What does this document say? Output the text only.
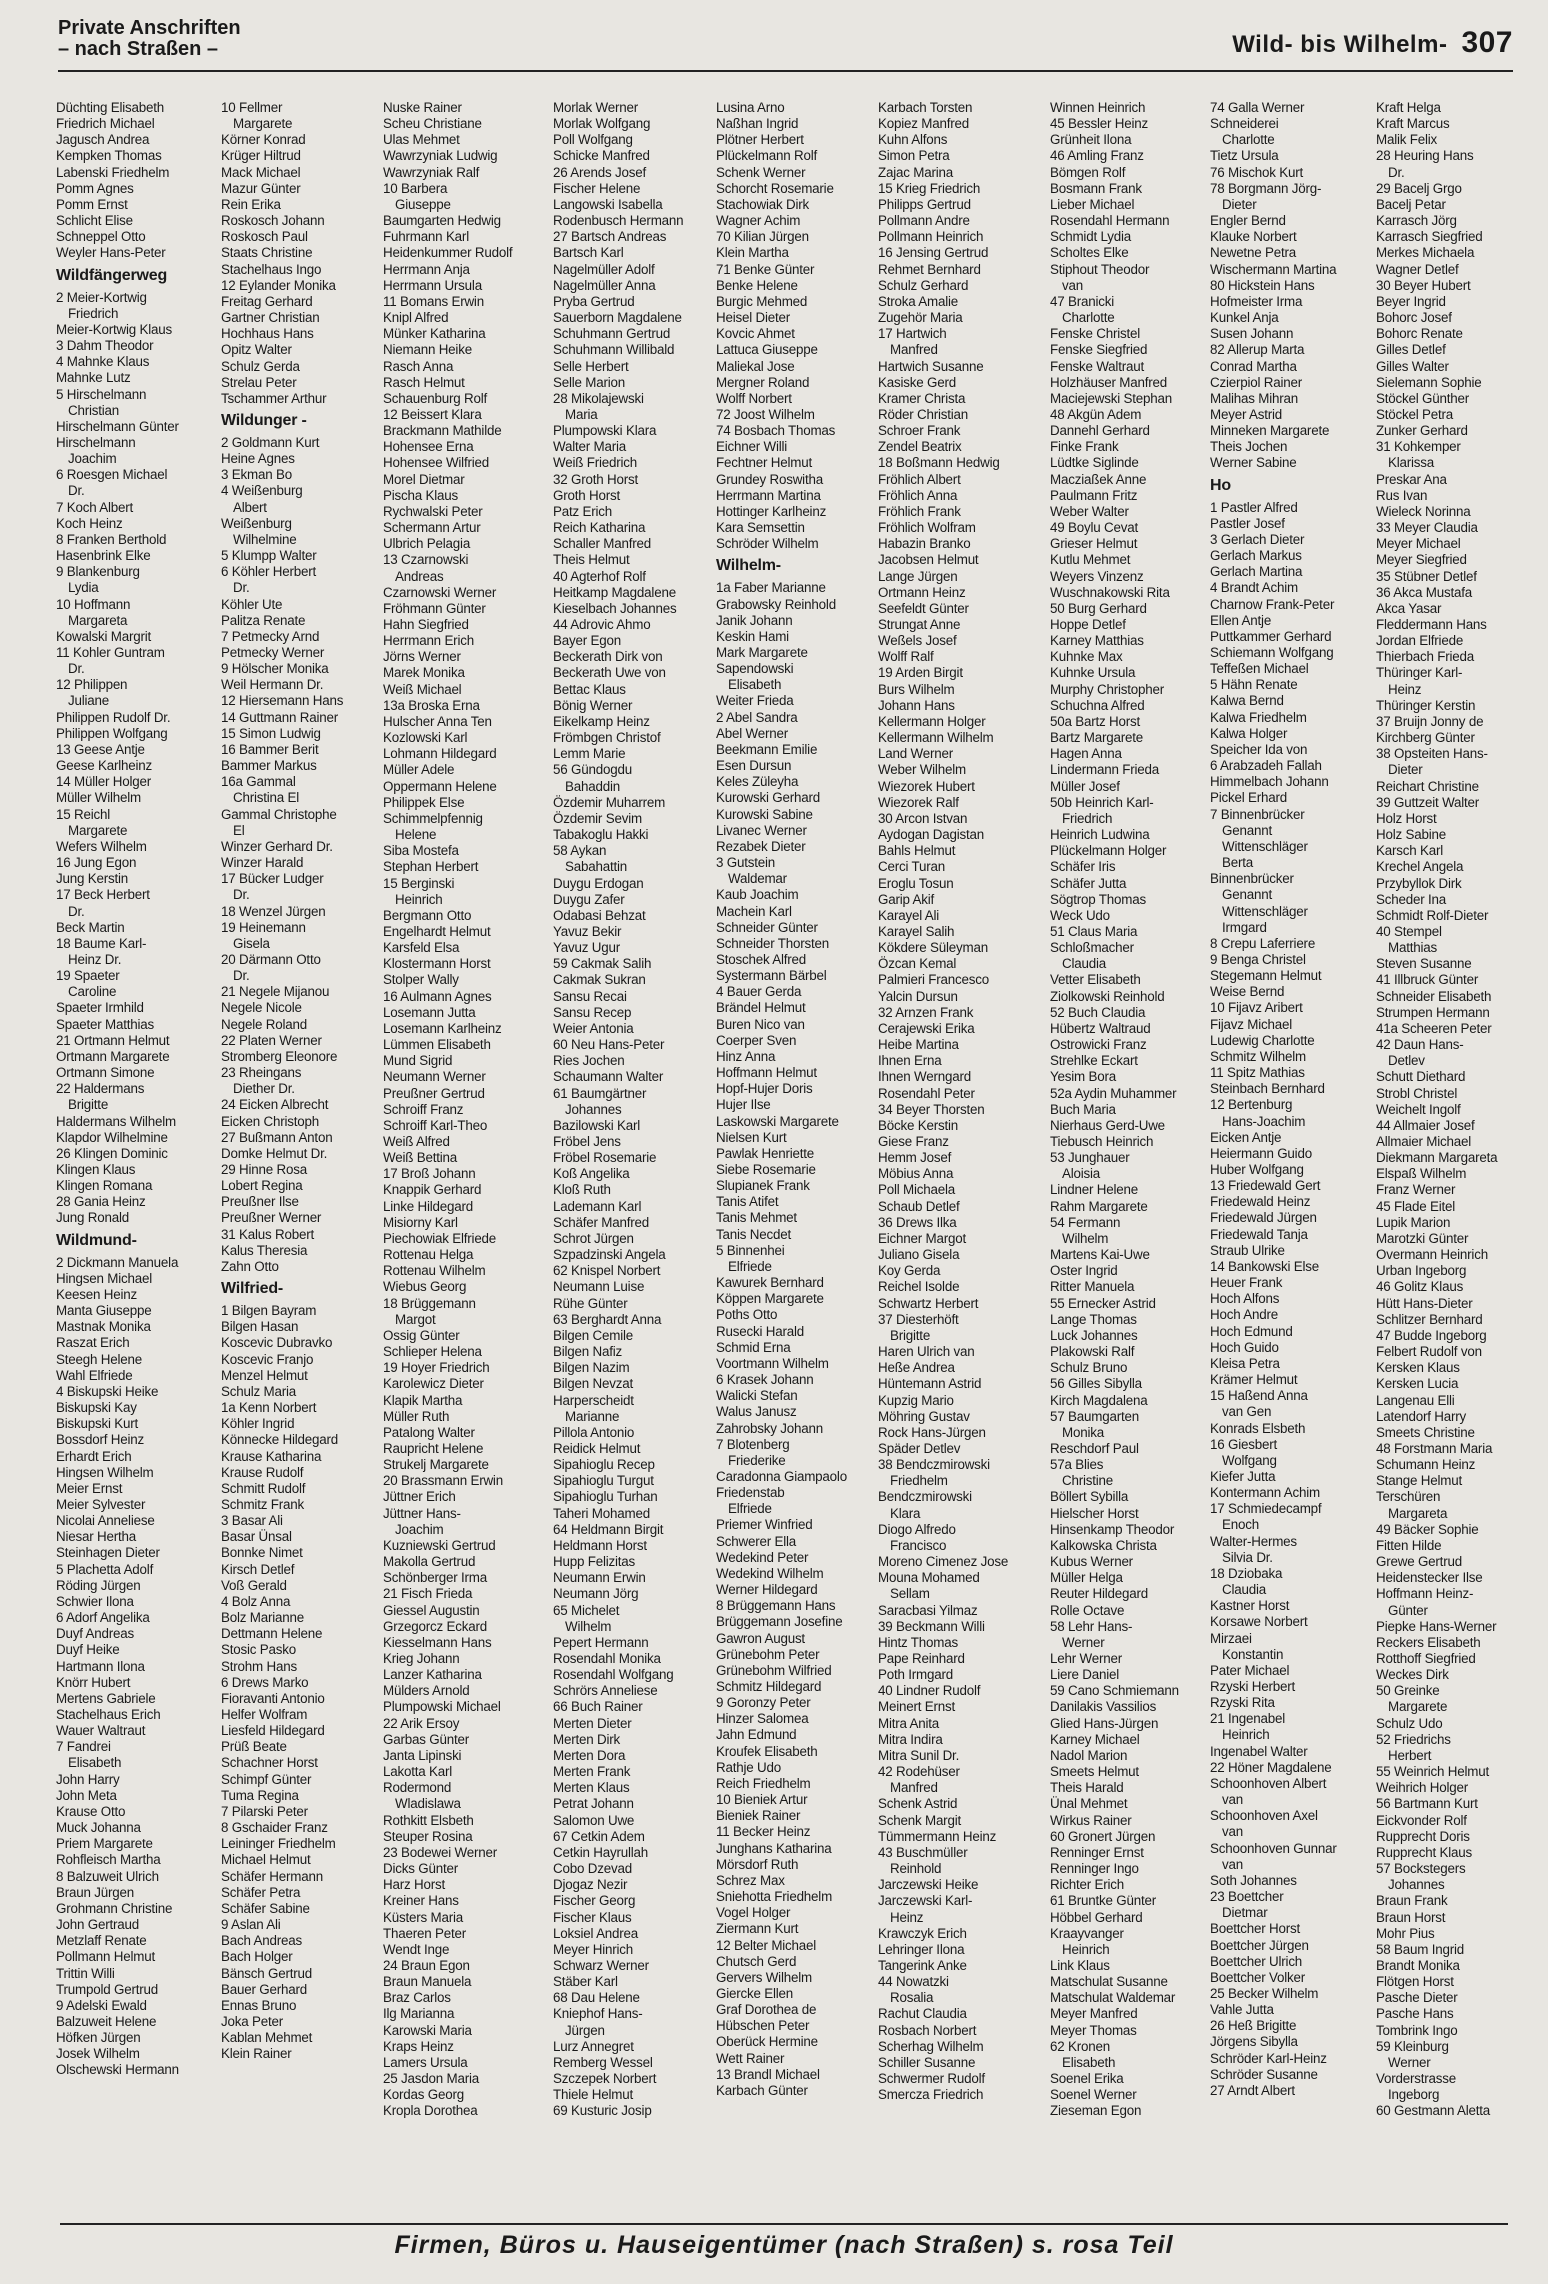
Private Anschriften
– nach Straßen –	Wild- bis Wilhelm- 307
Düchting Elisabeth
Friedrich Michael
Jagusch Andrea
Kempken Thomas
Labenski Friedhelm
Pomm Agnes
Pomm Ernst
Schlicht Elise
Schneppel Otto
Weyler Hans-Peter
Wildfängerweg
2 Meier-Kortwig
Friedrich
Meier-Kortwig Klaus
3 Dahm Theodor
4 Mahnke Klaus
Mahnke Lutz
5 Hirschelmann
Christian
Hirschelmann Günter
Hirschelmann
Joachim
6 Roesgen Michael
Dr.
7 Koch Albert
Koch Heinz
8 Franken Berthold
Hasenbrink Elke
9 Blankenburg
Lydia
10 Hoffmann
Margareta
Kowalski Margrit
11 Kohler Guntram
Dr.
12 Philippen
Juliane
Philippen Rudolf Dr.
Philippen Wolfgang
13 Geese Antje
Geese Karlheinz
14 Müller Holger
Müller Wilhelm
15 Reichl
Margarete
Wefers Wilhelm
16 Jung Egon
Jung Kerstin
17 Beck Herbert
Dr.
Beck Martin
18 Baume Karl-
Heinz Dr.
19 Spaeter
Caroline
Spaeter Irmhild
Spaeter Matthias
21 Ortmann Helmut
Ortmann Margarete
Ortmann Simone
22 Haldermans
Brigitte
Haldermans Wilhelm
Klapdor Wilhelmine
26 Klingen Dominic
Klingen Klaus
Klingen Romana
28 Gania Heinz
Jung Ronald
Wildmund-
2 Dickmann Manuela
Hingsen Michael
Keesen Heinz
Manta Giuseppe
Mastnak Monika
Raszat Erich
Steegh Helene
Wahl Elfriede
4 Biskupski Heike
Biskupski Kay
Biskupski Kurt
Bossdorf Heinz
Erhardt Erich
Hingsen Wilhelm
Meier Ernst
Meier Sylvester
Nicolai Anneliese
Niesar Hertha
Steinhagen Dieter
5 Plachetta Adolf
Röding Jürgen
Schwier Ilona
6 Adorf Angelika
Duyf Andreas
Duyf Heike
Hartmann Ilona
Knörr Hubert
Mertens Gabriele
Stachelhaus Erich
Wauer Waltraut
7 Fandrei
Elisabeth
John Harry
John Meta
Krause Otto
Muck Johanna
Priem Margarete
Rohfleisch Martha
8 Balzuweit Ulrich
Braun Jürgen
Grohmann Christine
John Gertraud
Metzlaff Renate
Pollmann Helmut
Trittin Willi
Trumpold Gertrud
9 Adelski Ewald
Balzuweit Helene
Höfken Jürgen
Josek Wilhelm
Olschewski Hermann
10 Fellmer
Margarete
Körner Konrad
Krüger Hiltrud
Mack Michael
Mazur Günter
Rein Erika
Roskosch Johann
Roskosch Paul
Staats Christine
Stachelhaus Ingo
12 Eylander Monika
Freitag Gerhard
Gartner Christian
Hochhaus Hans
Opitz Walter
Schulz Gerda
Strelau Peter
Tschammer Arthur
Wildunger -
2 Goldmann Kurt
Heine Agnes
3 Ekman Bo
4 Weißenburg
Albert
Weißenburg
Wilhelmine
5 Klumpp Walter
6 Köhler Herbert
Dr.
Köhler Ute
Palitza Renate
7 Petmecky Arnd
Petmecky Werner
9 Hölscher Monika
Weil Hermann Dr.
12 Hiersemann Hans
14 Guttmann Rainer
15 Simon Ludwig
16 Bammer Berit
Bammer Markus
16a Gammal
Christina El
Gammal Christophe
El
Winzer Gerhard Dr.
Winzer Harald
17 Bücker Ludger
Dr.
18 Wenzel Jürgen
19 Heinemann
Gisela
20 Därmann Otto
Dr.
21 Negele Mijanou
Negele Nicole
Negele Roland
22 Platen Werner
Stromberg Eleonore
23 Rheingans
Diether Dr.
24 Eicken Albrecht
Eicken Christoph
27 Bußmann Anton
Domke Helmut Dr.
29 Hinne Rosa
Lobert Regina
Preußner Ilse
Preußner Werner
31 Kalus Robert
Kalus Theresia
Zahn Otto
Wilfried-
1 Bilgen Bayram
Bilgen Hasan
Koscevic Dubravko
Koscevic Franjo
Menzel Helmut
Schulz Maria
1a Kenn Norbert
Köhler Ingrid
Könnecke Hildegard
Krause Katharina
Krause Rudolf
Schmitt Rudolf
Schmitz Frank
3 Basar Ali
Basar Ünsal
Bonnke Nimet
Kirsch Detlef
Voß Gerald
4 Bolz Anna
Bolz Marianne
Dettmann Helene
Stosic Pasko
Strohm Hans
6 Drews Marko
Fioravanti Antonio
Helfer Wolfram
Liesfeld Hildegard
Prüß Beate
Schachner Horst
Schimpf Günter
Tuma Regina
7 Pilarski Peter
8 Gschaider Franz
Leininger Friedhelm
Michael Helmut
Schäfer Hermann
Schäfer Petra
Schäfer Sabine
9 Aslan Ali
Bach Andreas
Bach Holger
Bänsch Gertrud
Bauer Gerhard
Ennas Bruno
Joka Peter
Kablan Mehmet
Klein Rainer
Nuske Rainer
Scheu Christiane
Ulas Mehmet
Wawrzyniak Ludwig
Wawrzyniak Ralf
10 Barbera
Giuseppe
Baumgarten Hedwig
Fuhrmann Karl
Heidenkummer Rudolf
Herrmann Anja
Herrmann Ursula
11 Bomans Erwin
Knipl Alfred
Münker Katharina
Niemann Heike
Rasch Anna
Rasch Helmut
Schauenburg Rolf
12 Beissert Klara
Brackmann Mathilde
Hohensee Erna
Hohensee Wilfried
Morel Dietmar
Pischa Klaus
Rychwalski Peter
Schermann Artur
Ulbrich Pelagia
13 Czarnowski
Andreas
Czarnowski Werner
Fröhmann Günter
Hahn Siegfried
Herrmann Erich
Jörns Werner
Marek Monika
Weiß Michael
13a Broska Erna
Hulscher Anna Ten
Kozlowski Karl
Lohmann Hildegard
Müller Adele
Oppermann Helene
Philippek Else
Schimmelpfennig
Helene
Siba Mostefa
Stephan Herbert
15 Berginski
Heinrich
Bergmann Otto
Engelhardt Helmut
Karsfeld Elsa
Klostermann Horst
Stolper Wally
16 Aulmann Agnes
Losemann Jutta
Losemann Karlheinz
Lümmen Elisabeth
Mund Sigrid
Neumann Werner
Preußner Gertrud
Schroiff Franz
Schroiff Karl-Theo
Weiß Alfred
Weiß Bettina
17 Broß Johann
Knappik Gerhard
Linke Hildegard
Misiorny Karl
Piechowiak Elfriede
Rottenau Helga
Rottenau Wilhelm
Wiebus Georg
18 Brüggemann
Margot
Ossig Günter
Schlieper Helena
19 Hoyer Friedrich
Karolewicz Dieter
Klapik Martha
Müller Ruth
Patalong Walter
Raupricht Helene
Strukelj Margarete
20 Brassmann Erwin
Jüttner Erich
Jüttner Hans-
Joachim
Kuzniewski Gertrud
Makolla Gertrud
Schönberger Irma
21 Fisch Frieda
Giessel Augustin
Grzegorcz Eckard
Kiesselmann Hans
Krieg Johann
Lanzer Katharina
Mülders Arnold
Plumpowski Michael
22 Arik Ersoy
Garbas Günter
Janta Lipinski
Lakotta Karl
Rodermond
Wladislawa
Rothkitt Elsbeth
Steuper Rosina
23 Bodewei Werner
Dicks Günter
Harz Horst
Kreiner Hans
Küsters Maria
Thaeren Peter
Wendt Inge
24 Braun Egon
Braun Manuela
Braz Carlos
Ilg Marianna
Karowski Maria
Kraps Heinz
Lamers Ursula
25 Jasdon Maria
Kordas Georg
Kropla Dorothea
Morlak Werner
Morlak Wolfgang
Poll Wolfgang
Schicke Manfred
26 Arends Josef
Fischer Helene
Langowski Isabella
Rodenbusch Hermann
27 Bartsch Andreas
Bartsch Karl
Nagelmüller Adolf
Nagelmüller Anna
Pryba Gertrud
Sauerborn Magdalene
Schuhmann Gertrud
Schuhmann Willibald
Selle Herbert
Selle Marion
28 Mikolajewski
Maria
Plumpowski Klara
Walter Maria
Weiß Friedrich
32 Groth Horst
Groth Horst
Patz Erich
Reich Katharina
Schaller Manfred
Theis Helmut
40 Agterhof Rolf
Heitkamp Magdalene
Kieselbach Johannes
44 Adrovic Ahmo
Bayer Egon
Beckerath Dirk von
Beckerath Uwe von
Bettac Klaus
Bönig Werner
Eikelkamp Heinz
Frömbgen Christof
Lemm Marie
56 Gündogdu
Bahaddin
Özdemir Muharrem
Özdemir Sevim
Tabakoglu Hakki
58 Aykan
Sabahattin
Duygu Erdogan
Duygu Zafer
Odabasi Behzat
Yavuz Bekir
Yavuz Ugur
59 Cakmak Salih
Cakmak Sukran
Sansu Recai
Sansu Recep
Weier Antonia
60 Neu Hans-Peter
Ries Jochen
Schaumann Walter
61 Baumgärtner
Johannes
Bazilowski Karl
Fröbel Jens
Fröbel Rosemarie
Koß Angelika
Kloß Ruth
Lademann Karl
Schäfer Manfred
Schrot Jürgen
Szpadzinski Angela
62 Knispel Norbert
Neumann Luise
Rühe Günter
63 Berghardt Anna
Bilgen Cemile
Bilgen Nafiz
Bilgen Nazim
Bilgen Nevzat
Harperscheidt
Marianne
Pillola Antonio
Reidick Helmut
Sipahioglu Recep
Sipahioglu Turgut
Sipahioglu Turhan
Taheri Mohamed
64 Heldmann Birgit
Heldmann Horst
Hupp Felizitas
Neumann Erwin
Neumann Jörg
65 Michelet
Wilhelm
Pepert Hermann
Rosendahl Monika
Rosendahl Wolfgang
Schrörs Anneliese
66 Buch Rainer
Merten Dieter
Merten Dirk
Merten Dora
Merten Frank
Merten Klaus
Petrat Johann
Salomon Uwe
67 Cetkin Adem
Cetkin Hayrullah
Cobo Dzevad
Djogaz Nezir
Fischer Georg
Fischer Klaus
Loksiel Andrea
Meyer Hinrich
Schwarz Werner
Stäber Karl
68 Dau Helene
Kniephof Hans-
Jürgen
Lurz Annegret
Remberg Wessel
Szczepek Norbert
Thiele Helmut
69 Kusturic Josip
Lusina Arno
Naßhan Ingrid
Plötner Herbert
Plückelmann Rolf
Schenk Werner
Schorcht Rosemarie
Stachowiak Dirk
Wagner Achim
70 Kilian Jürgen
Klein Martha
71 Benke Günter
Benke Helene
Burgic Mehmed
Heisel Dieter
Kovcic Ahmet
Lattuca Giuseppe
Maliekal Jose
Mergner Roland
Wolff Norbert
72 Joost Wilhelm
74 Bosbach Thomas
Eichner Willi
Fechtner Helmut
Grundey Roswitha
Herrmann Martina
Hottinger Karlheinz
Kara Semsettin
Schröder Wilhelm
Wilhelm-
1a Faber Marianne
Grabowsky Reinhold
Janik Johann
Keskin Hami
Mark Margarete
Sapendowski
Elisabeth
Weiter Frieda
2 Abel Sandra
Abel Werner
Beekmann Emilie
Esen Dursun
Keles Züleyha
Kurowski Gerhard
Kurowski Sabine
Livanec Werner
Rezabek Dieter
3 Gutstein
Waldemar
Kaub Joachim
Machein Karl
Schneider Günter
Schneider Thorsten
Stoschek Alfred
Systermann Bärbel
4 Bauer Gerda
Brändel Helmut
Buren Nico van
Coerper Sven
Hinz Anna
Hoffmann Helmut
Hopf-Hujer Doris
Hujer Ilse
Laskowski Margarete
Nielsen Kurt
Pawlak Henriette
Siebe Rosemarie
Slupianek Frank
Tanis Atifet
Tanis Mehmet
Tanis Necdet
5 Binnenhei
Elfriede
Kawurek Bernhard
Köppen Margarete
Poths Otto
Rusecki Harald
Schmid Erna
Voortmann Wilhelm
6 Krasek Johann
Walicki Stefan
Walus Janusz
Zahrobsky Johann
7 Blotenberg
Friederike
Caradonna Giampaolo
Friedenstab
Elfriede
Priemer Winfried
Schwerer Ella
Wedekind Peter
Wedekind Wilhelm
Werner Hildegard
8 Brüggemann Hans
Brüggemann Josefine
Gawron August
Grünebohm Peter
Grünebohm Wilfried
Schmitz Hildegard
9 Goronzy Peter
Hinzer Salomea
Jahn Edmund
Kroufek Elisabeth
Rathje Udo
Reich Friedhelm
10 Bieniek Artur
Bieniek Rainer
11 Becker Heinz
Junghans Katharina
Mörsdorf Ruth
Schrez Max
Sniehotta Friedhelm
Vogel Holger
Ziermann Kurt
12 Belter Michael
Chutsch Gerd
Gervers Wilhelm
Giercke Ellen
Graf Dorothea de
Hübschen Peter
Oberück Hermine
Wett Rainer
13 Brandl Michael
Karbach Günter
Karbach Torsten
Kopiez Manfred
Kuhn Alfons
Simon Petra
Zajac Marina
15 Krieg Friedrich
Philipps Gertrud
Pollmann Andre
Pollmann Heinrich
16 Jensing Gertrud
Rehmet Bernhard
Schulz Gerhard
Stroka Amalie
Zugehör Maria
17 Hartwich
Manfred
Hartwich Susanne
Kasiske Gerd
Kramer Christa
Röder Christian
Schroer Frank
Zendel Beatrix
18 Boßmann Hedwig
Fröhlich Albert
Fröhlich Anna
Fröhlich Frank
Fröhlich Wolfram
Habazin Branko
Jacobsen Helmut
Lange Jürgen
Ortmann Heinz
Seefeldt Günter
Strungat Anne
Weßels Josef
Wolff Ralf
19 Arden Birgit
Burs Wilhelm
Johann Hans
Kellermann Holger
Kellermann Wilhelm
Land Werner
Weber Wilhelm
Wiezorek Hubert
Wiezorek Ralf
30 Arcon Istvan
Aydogan Dagistan
Bahls Helmut
Cerci Turan
Eroglu Tosun
Garip Akif
Karayel Ali
Karayel Salih
Kökdere Süleyman
Özcan Kemal
Palmieri Francesco
Yalcin Dursun
32 Arnzen Frank
Cerajewski Erika
Heibe Martina
Ihnen Erna
Ihnen Werngard
Rosendahl Peter
34 Beyer Thorsten
Böcke Kerstin
Giese Franz
Hemm Josef
Möbius Anna
Poll Michaela
Schaub Detlef
36 Drews Ilka
Eichner Margot
Juliano Gisela
Koy Gerda
Reichel Isolde
Schwartz Herbert
37 Diesterhöft
Brigitte
Haren Ulrich van
Heße Andrea
Hüntemann Astrid
Kupzig Mario
Möhring Gustav
Rock Hans-Jürgen
Späder Detlev
38 Bendczmirowski
Friedhelm
Bendczmirowski
Klara
Diogo Alfredo
Francisco
Moreno Cimenez Jose
Mouna Mohamed
Sellam
Saracbasi Yilmaz
39 Beckmann Willi
Hintz Thomas
Pape Reinhard
Poth Irmgard
40 Lindner Rudolf
Meinert Ernst
Mitra Anita
Mitra Indira
Mitra Sunil Dr.
42 Rodehüser
Manfred
Schenk Astrid
Schenk Margit
Tümmermann Heinz
43 Buschmüller
Reinhold
Jarczewski Heike
Jarczewski Karl-
Heinz
Krawczyk Erich
Lehringer Ilona
Tangerink Anke
44 Nowatzki
Rosalia
Rachut Claudia
Rosbach Norbert
Scherhag Wilhelm
Schiller Susanne
Schwermer Rudolf
Smercza Friedrich
Winnen Heinrich
45 Bessler Heinz
Grünheit Ilona
46 Amling Franz
Bömgen Rolf
Bosmann Frank
Lieber Michael
Rosendahl Hermann
Schmidt Lydia
Scholtes Elke
Stiphout Theodor
van
47 Branicki
Charlotte
Fenske Christel
Fenske Siegfried
Fenske Waltraut
Holzhäuser Manfred
Maciejewski Stephan
48 Akgün Adem
Dannehl Gerhard
Finke Frank
Lüdtke Siglinde
Macziaßek Anne
Paulmann Fritz
Weber Walter
49 Boylu Cevat
Grieser Helmut
Kutlu Mehmet
Weyers Vinzenz
Wuschnakowski Rita
50 Burg Gerhard
Hoppe Detlef
Karney Matthias
Kuhnke Max
Kuhnke Ursula
Murphy Christopher
Schuchna Alfred
50a Bartz Horst
Bartz Margarete
Hagen Anna
Lindermann Frieda
Müller Josef
50b Heinrich Karl-
Friedrich
Heinrich Ludwina
Plückelmann Holger
Schäfer Iris
Schäfer Jutta
Sögtrop Thomas
Weck Udo
51 Claus Maria
Schloßmacher
Claudia
Vetter Elisabeth
Ziolkowski Reinhold
52 Buch Claudia
Hübertz Waltraud
Ostrowicki Franz
Strehlke Eckart
Yesim Bora
52a Aydin Muhammer
Buch Maria
Nierhaus Gerd-Uwe
Tiebusch Heinrich
53 Junghauer
Aloisia
Lindner Helene
Rahm Margarete
54 Fermann
Wilhelm
Martens Kai-Uwe
Oster Ingrid
Ritter Manuela
55 Ernecker Astrid
Lange Thomas
Luck Johannes
Plakowski Ralf
Schulz Bruno
56 Gilles Sibylla
Kirch Magdalena
57 Baumgarten
Monika
Reschdorf Paul
57a Blies
Christine
Böllert Sybilla
Hielscher Horst
Hinsenkamp Theodor
Kalkowska Christa
Kubus Werner
Müller Helga
Reuter Hildegard
Rolle Octave
58 Lehr Hans-
Werner
Lehr Werner
Liere Daniel
59 Cano Schmiemann
Danilakis Vassilios
Glied Hans-Jürgen
Karney Michael
Nadol Marion
Smeets Helmut
Theis Harald
Ünal Mehmet
Wirkus Rainer
60 Gronert Jürgen
Renninger Ernst
Renninger Ingo
Richter Erich
61 Bruntke Günter
Höbbel Gerhard
Kraayvanger
Heinrich
Link Klaus
Matschulat Susanne
Matschulat Waldemar
Meyer Manfred
Meyer Thomas
62 Kronen
Elisabeth
Soenel Erika
Soenel Werner
Zieseman Egon
74 Galla Werner
Schneiderei
Charlotte
Tietz Ursula
76 Mischok Kurt
78 Borgmann Jörg-
Dieter
Engler Bernd
Klauke Norbert
Newetne Petra
Wischermann Martina
80 Hickstein Hans
Hofmeister Irma
Kunkel Anja
Susen Johann
82 Allerup Marta
Conrad Martha
Czierpiol Rainer
Malihas Mihran
Meyer Astrid
Minneken Margarete
Theis Jochen
Werner Sabine
Ho
1 Pastler Alfred
Pastler Josef
3 Gerlach Dieter
Gerlach Markus
Gerlach Martina
4 Brandt Achim
Charnow Frank-Peter
Ellen Antje
Puttkammer Gerhard
Schiemann Wolfgang
Teffeßen Michael
5 Hähn Renate
Kalwa Bernd
Kalwa Friedhelm
Kalwa Holger
Speicher Ida von
6 Arabzadeh Fallah
Himmelbach Johann
Pickel Erhard
7 Binnenbrücker
Genannt
Wittenschläger
Berta
Binnenbrücker
Genannt
Wittenschläger
Irmgard
8 Crepu Laferriere
9 Benga Christel
Stegemann Helmut
Weise Bernd
10 Fijavz Aribert
Fijavz Michael
Ludewig Charlotte
Schmitz Wilhelm
11 Spitz Mathias
Steinbach Bernhard
12 Bertenburg
Hans-Joachim
Eicken Antje
Heiermann Guido
Huber Wolfgang
13 Friedewald Gert
Friedewald Heinz
Friedewald Jürgen
Friedewald Tanja
Straub Ulrike
14 Bankowski Else
Heuer Frank
Hoch Alfons
Hoch Andre
Hoch Edmund
Hoch Guido
Kleisa Petra
Krämer Helmut
15 Haßend Anna
van Gen
Konrads Elsbeth
16 Giesbert
Wolfgang
Kiefer Jutta
Kontermann Achim
17 Schmiedecampf
Enoch
Walter-Hermes
Silvia Dr.
18 Dziobaka
Claudia
Kastner Horst
Korsawe Norbert
Mirzaei
Konstantin
Pater Michael
Rzyski Herbert
Rzyski Rita
21 Ingenabel
Heinrich
Ingenabel Walter
22 Höner Magdalene
Schoonhoven Albert
van
Schoonhoven Axel
van
Schoonhoven Gunnar
van
Soth Johannes
23 Boettcher
Dietmar
Boettcher Horst
Boettcher Jürgen
Boettcher Ulrich
Boettcher Volker
25 Becker Wilhelm
Vahle Jutta
26 Heß Brigitte
Jörgens Sibylla
Schröder Karl-Heinz
Schröder Susanne
27 Arndt Albert
Kraft Helga
Kraft Marcus
Malik Felix
28 Heuring Hans
Dr.
29 Bacelj Grgo
Bacelj Petar
Karrasch Jörg
Karrasch Siegfried
Merkes Michaela
Wagner Detlef
30 Beyer Hubert
Beyer Ingrid
Bohorc Josef
Bohorc Renate
Gilles Detlef
Gilles Walter
Sielemann Sophie
Stöckel Günther
Stöckel Petra
Zunker Gerhard
31 Kohkemper
Klarissa
Preskar Ana
Rus Ivan
Wieleck Norinna
33 Meyer Claudia
Meyer Michael
Meyer Siegfried
35 Stübner Detlef
36 Akca Mustafa
Akca Yasar
Fleddermann Hans
Jordan Elfriede
Thierbach Frieda
Thüringer Karl-
Heinz
Thüringer Kerstin
37 Bruijn Jonny de
Kirchberg Günter
38 Opsteiten Hans-
Dieter
Reichart Christine
39 Guttzeit Walter
Holz Horst
Holz Sabine
Karsch Karl
Krechel Angela
Przybyllok Dirk
Scheder Ina
Schmidt Rolf-Dieter
40 Stempel
Matthias
Steven Susanne
41 Illbruck Günter
Schneider Elisabeth
Strumpen Hermann
41a Scheeren Peter
42 Daun Hans-
Detlev
Schutt Diethard
Strobl Christel
Weichelt Ingolf
44 Allmaier Josef
Allmaier Michael
Diekmann Margareta
Elspaß Wilhelm
Franz Werner
45 Flade Eitel
Lupik Marion
Marotzki Günter
Overmann Heinrich
Urban Ingeborg
46 Golitz Klaus
Hütt Hans-Dieter
Schlitzer Bernhard
47 Budde Ingeborg
Felbert Rudolf von
Kersken Klaus
Kersken Lucia
Langenau Elli
Latendorf Harry
Smeets Christine
48 Forstmann Maria
Schumann Heinz
Stange Helmut
Terschüren
Margareta
49 Bäcker Sophie
Fitten Hilde
Grewe Gertrud
Heidenstecker Ilse
Hoffmann Heinz-
Günter
Piepke Hans-Werner
Reckers Elisabeth
Rotthoff Siegfried
Weckes Dirk
50 Greinke
Margarete
Schulz Udo
52 Friedrichs
Herbert
55 Weinrich Helmut
Weihrich Holger
56 Bartmann Kurt
Eickvonder Rolf
Rupprecht Doris
Rupprecht Klaus
57 Bockstegers
Johannes
Braun Frank
Braun Horst
Mohr Pius
58 Baum Ingrid
Brandt Monika
Flötgen Horst
Pasche Dieter
Pasche Hans
Tombrink Ingo
59 Kleinburg
Werner
Vorderstrasse
Ingeborg
60 Gestmann Aletta
Firmen, Büros u. Hauseigentümer (nach Straßen) s. rosa Teil
